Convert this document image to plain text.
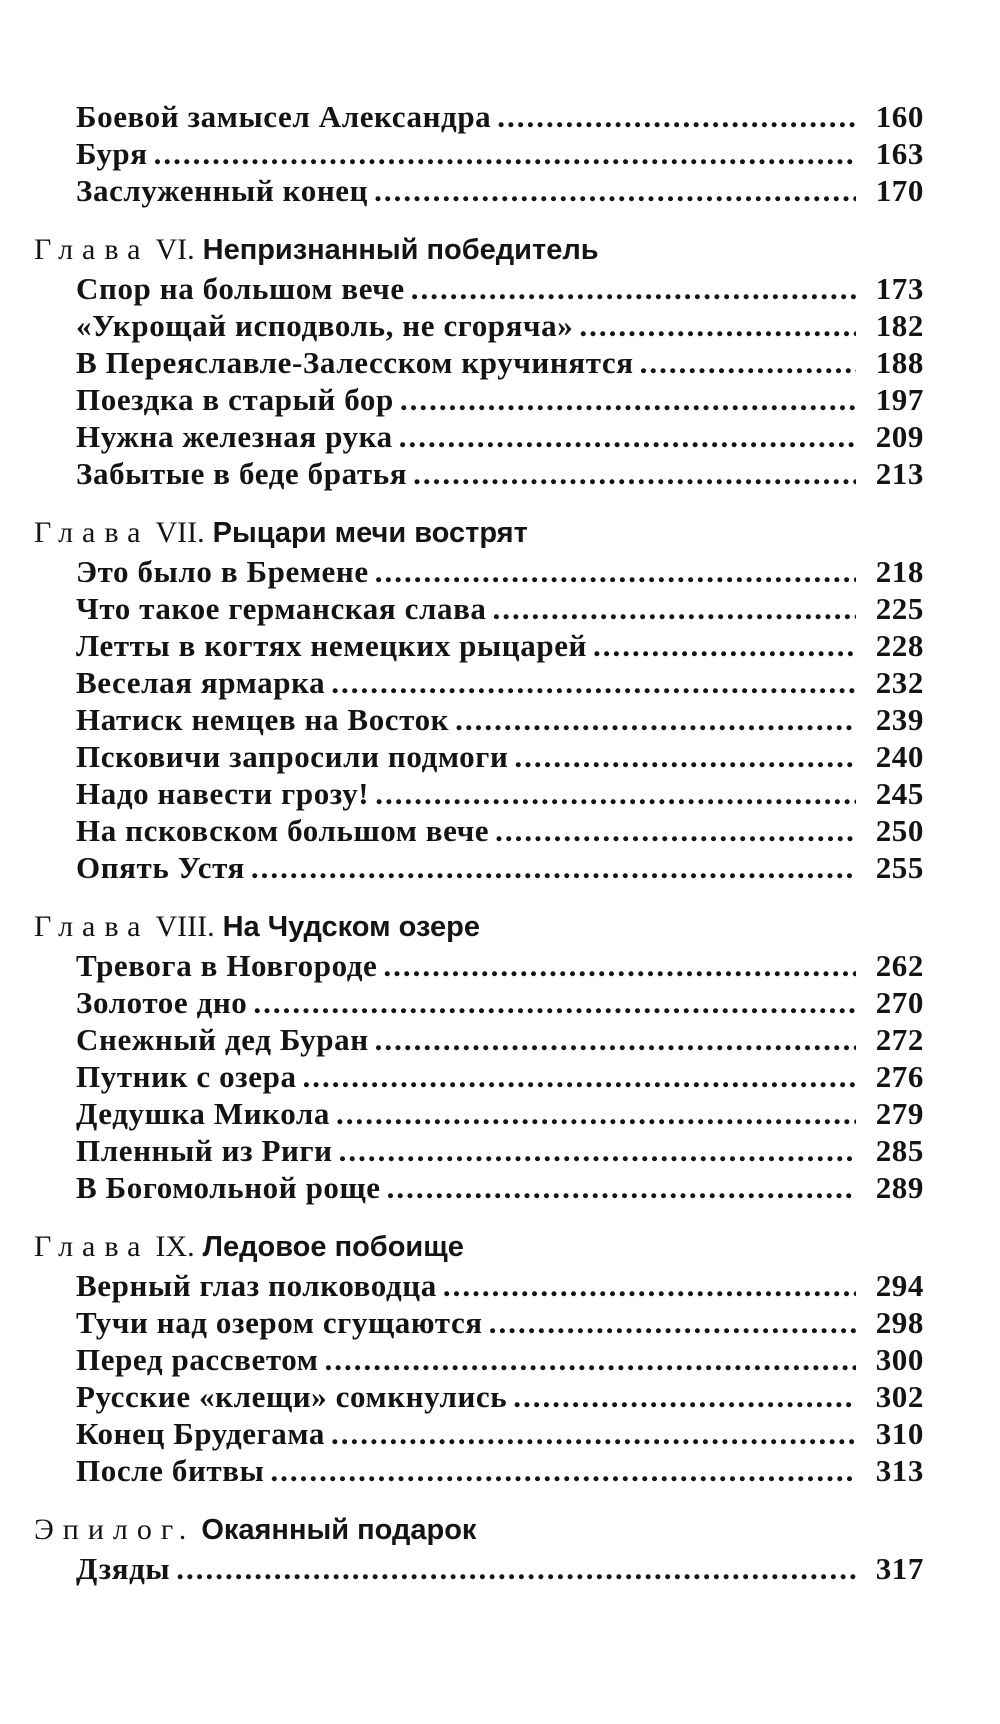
Боевой замысел Александра .....	160
Буря .....	163
Заслуженный конец .....	170
Глава VI. Непризнанный победитель
Спор на большом вече .....	173
«Укрощай исподволь, не сгоряча» .....	182
В Переяславле-Залесском кручинятся .....	188
Поездка в старый бор .....	197
Нужна железная рука .....	209
Забытые в беде братья .....	213
Глава VII. Рыцари мечи вострят
Это было в Бремене .....	218
Что такое германская слава .....	225
Летты в когтях немецких рыцарей .....	228
Веселая ярмарка .....	232
Натиск немцев на Восток .....	239
Псковичи запросили подмоги .....	240
Надо навести грозу! .....	245
На псковском большом вече .....	250
Опять Устя .....	255
Глава VIII. На Чудском озере
Тревога в Новгороде .....	262
Золотое дно .....	270
Снежный дед Буран .....	272
Путник с озера .....	276
Дедушка Микола .....	279
Пленный из Риги .....	285
В Богомольной роще .....	289
Глава IX. Ледовое побоище
Верный глаз полководца .....	294
Тучи над озером сгущаются .....	298
Перед рассветом .....	300
Русские «клещи» сомкнулись .....	302
Конец Брудегама .....	310
После битвы .....	313
Эпилог. Окаянный подарок
Дзяды .....	317
